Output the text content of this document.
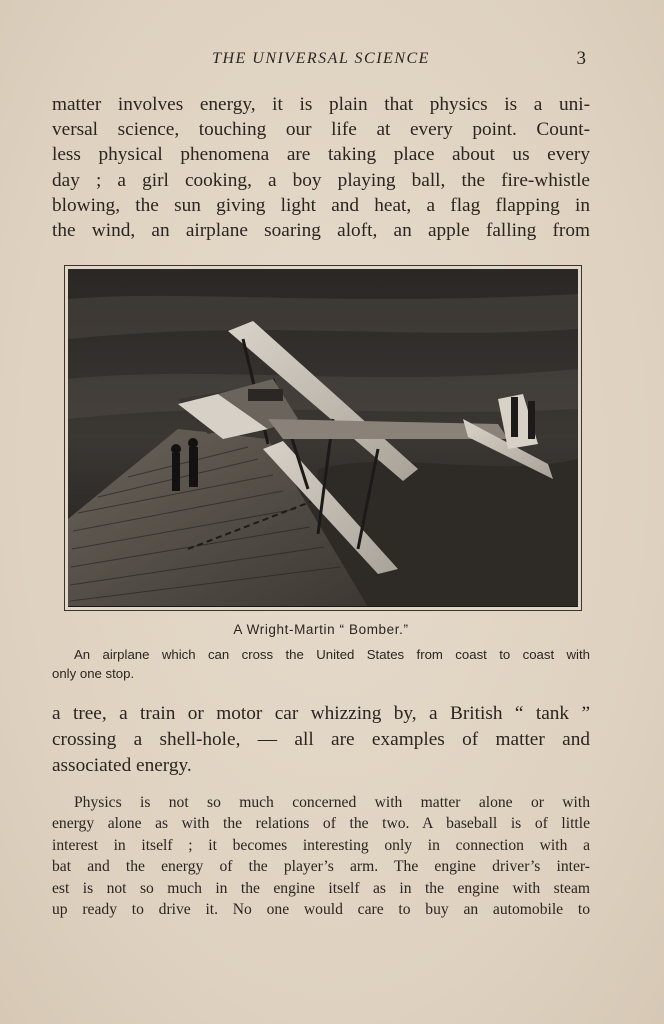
THE UNIVERSAL SCIENCE	3

matter involves energy, it is plain that physics is a uni-
versal science, touching our life at every point. Count-
less physical phenomena are taking place about us every
day ; a girl cooking, a boy playing ball, the fire-whistle
blowing, the sun giving light and heat, a flag flapping in
the wind, an airplane soaring aloft, an apple falling from

A Wright-Martin “ Bomber.”
An airplane which can cross the United States from coast to coast with
only one stop.

a tree, a train or motor car whizzing by, a British “ tank ”
crossing a shell-hole, — all are examples of matter and
associated energy.

Physics is not so much concerned with matter alone or with
energy alone as with the relations of the two. A baseball is of little
interest in itself ; it becomes interesting only in connection with a
bat and the energy of the player’s arm. The engine driver’s inter-
est is not so much in the engine itself as in the engine with steam
up ready to drive it. No one would care to buy an automobile to
